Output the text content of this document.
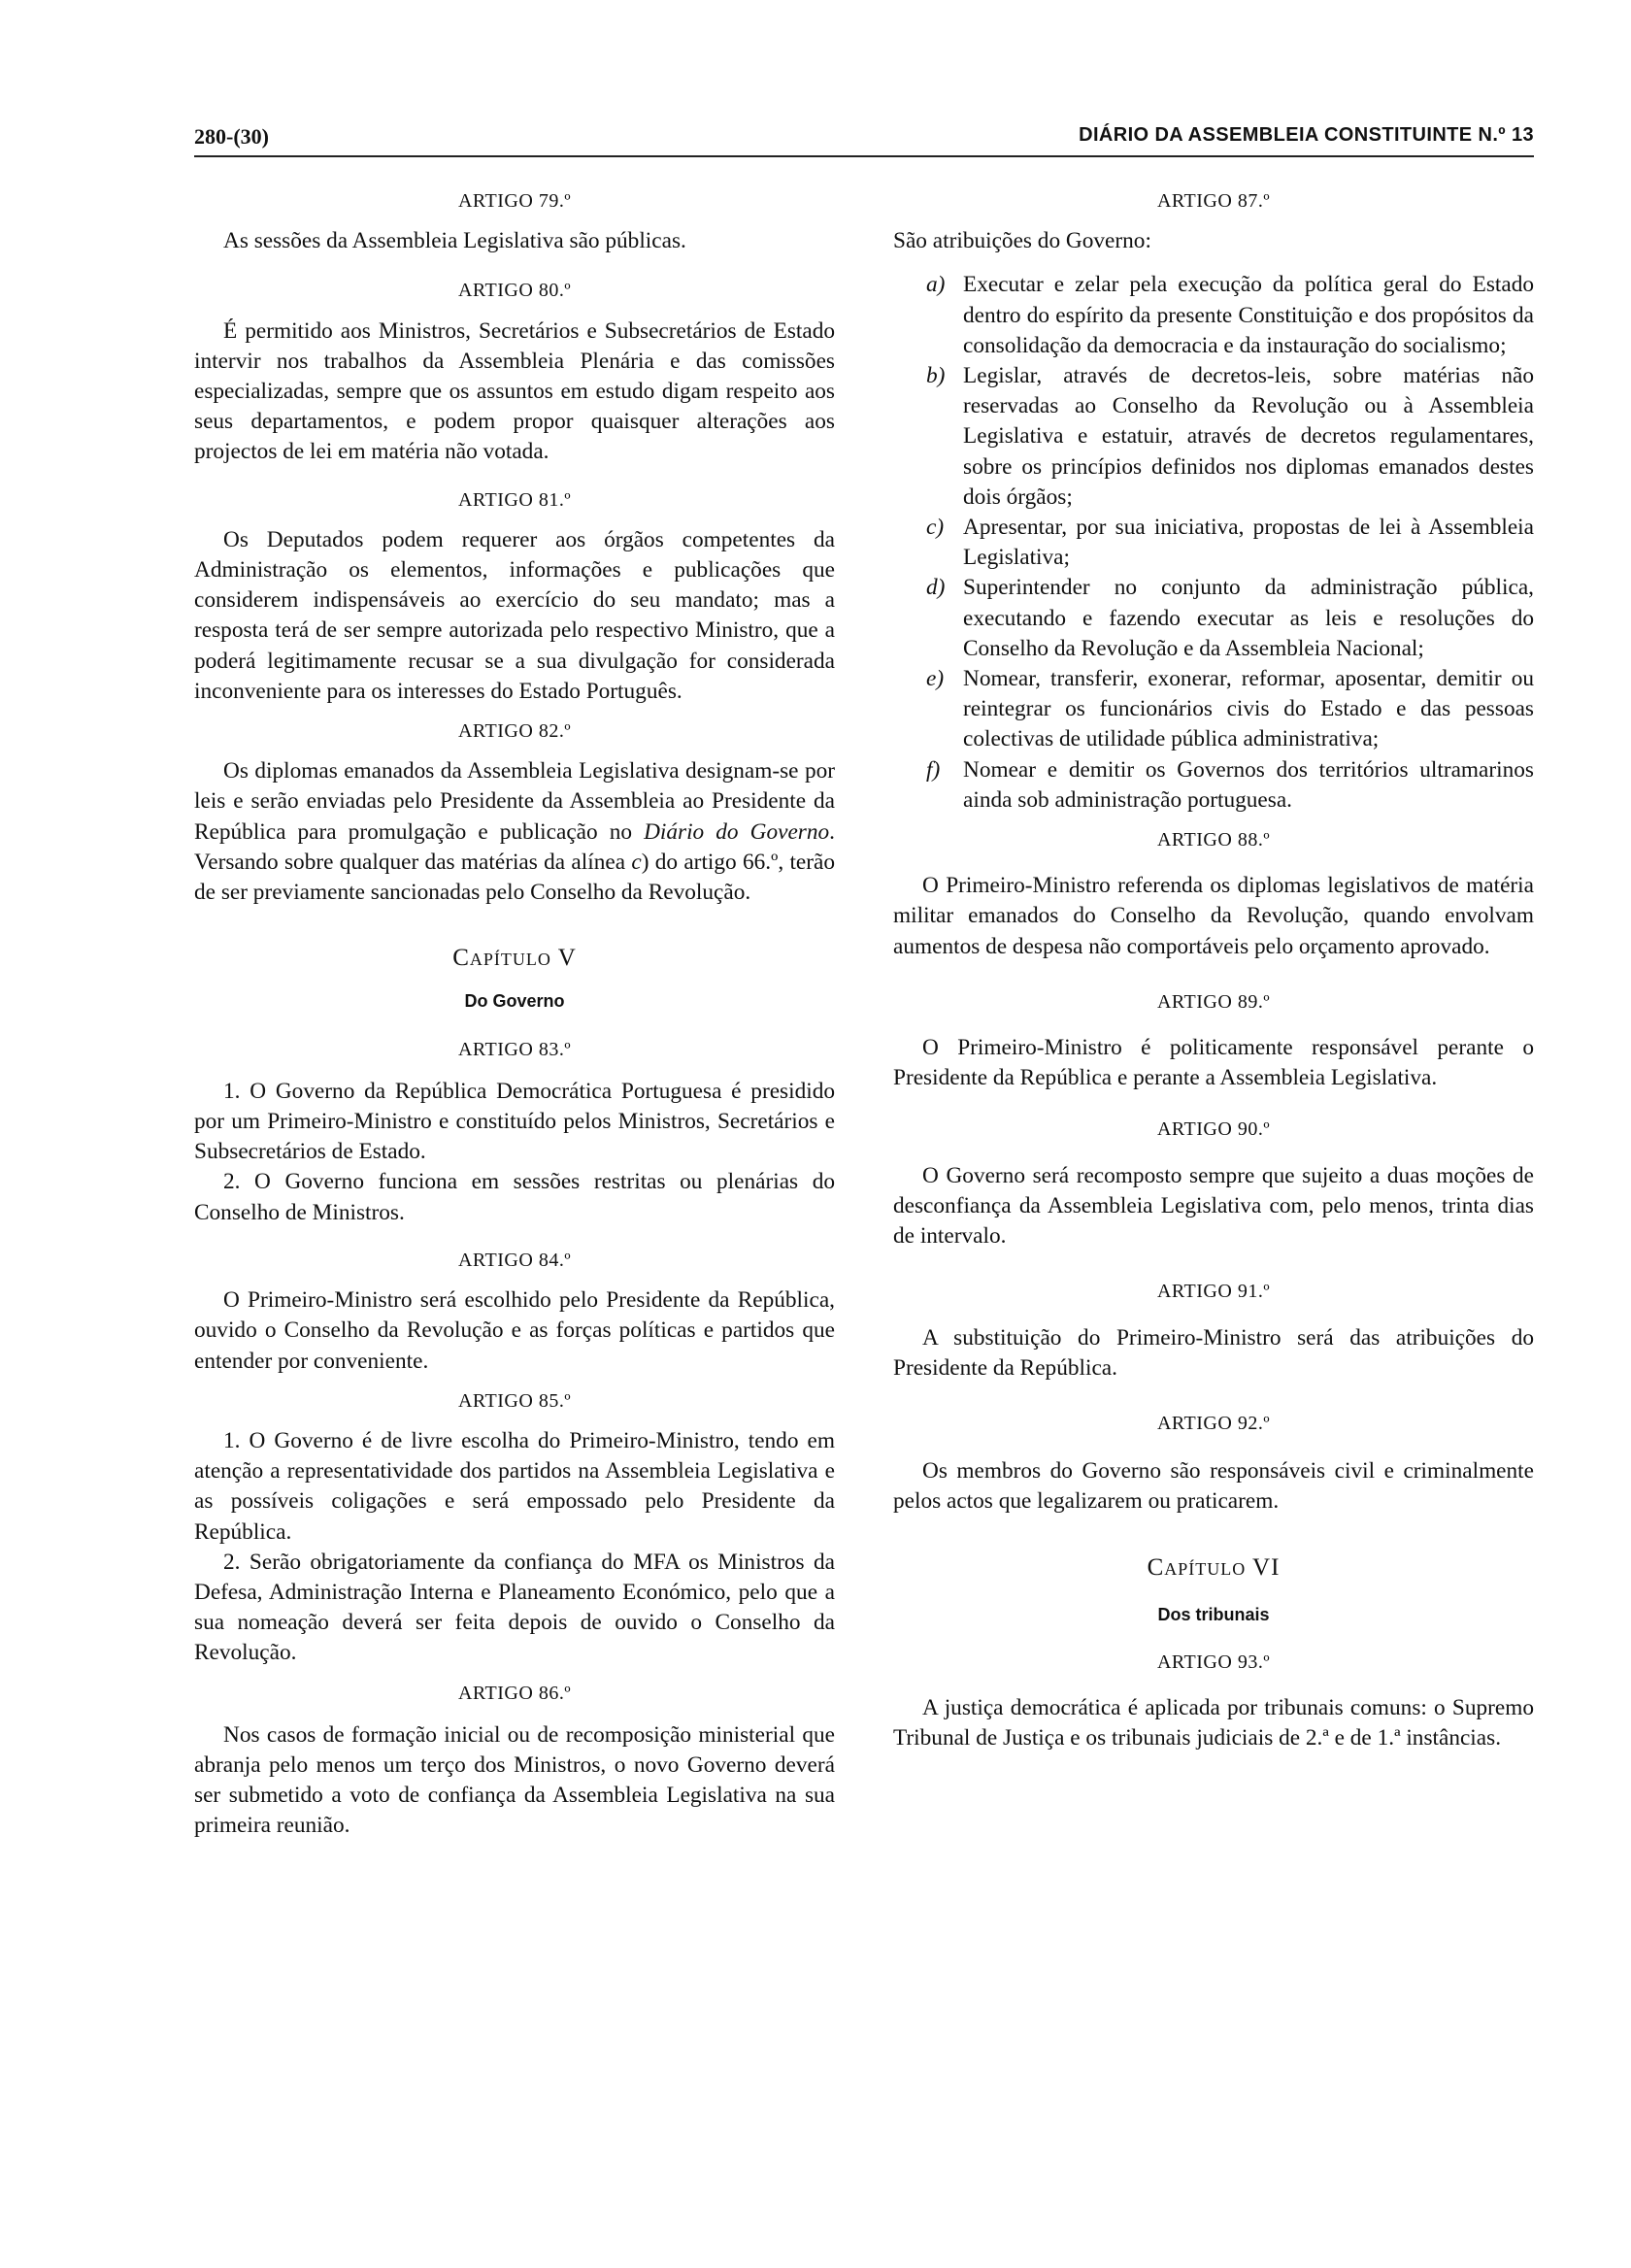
280-(30)	DIÁRIO DA ASSEMBLEIA CONSTITUINTE N.º 13

ARTIGO 79.º

As sessões da Assembleia Legislativa são públicas.

ARTIGO 80.º

É permitido aos Ministros, Secretários e Subsecretários de Estado intervir nos trabalhos da Assembleia Plenária e das comissões especializadas, sempre que os assuntos em estudo digam respeito aos seus departamentos, e podem propor quaisquer alterações aos projectos de lei em matéria não votada.

ARTIGO 81.º

Os Deputados podem requerer aos órgãos competentes da Administração os elementos, informações e publicações que considerem indispensáveis ao exercício do seu mandato; mas a resposta terá de ser sempre autorizada pelo respectivo Ministro, que a poderá legitimamente recusar se a sua divulgação for considerada inconveniente para os interesses do Estado Português.

ARTIGO 82.º

Os diplomas emanados da Assembleia Legislativa designam-se por leis e serão enviadas pelo Presidente da Assembleia ao Presidente da República para promulgação e publicação no Diário do Governo. Versando sobre qualquer das matérias da alínea c) do artigo 66.º, terão de ser previamente sancionadas pelo Conselho da Revolução.

Capítulo V

Do Governo

ARTIGO 83.º

1. O Governo da República Democrática Portuguesa é presidido por um Primeiro-Ministro e constituído pelos Ministros, Secretários e Subsecretários de Estado.

2. O Governo funciona em sessões restritas ou plenárias do Conselho de Ministros.

ARTIGO 84.º

O Primeiro-Ministro será escolhido pelo Presidente da República, ouvido o Conselho da Revolução e as forças políticas e partidos que entender por conveniente.

ARTIGO 85.º

1. O Governo é de livre escolha do Primeiro-Ministro, tendo em atenção a representatividade dos partidos na Assembleia Legislativa e as possíveis coligações e será empossado pelo Presidente da República.

2. Serão obrigatoriamente da confiança do MFA os Ministros da Defesa, Administração Interna e Planeamento Económico, pelo que a sua nomeação deverá ser feita depois de ouvido o Conselho da Revolução.

ARTIGO 86.º

Nos casos de formação inicial ou de recomposição ministerial que abranja pelo menos um terço dos Ministros, o novo Governo deverá ser submetido a voto de confiança da Assembleia Legislativa na sua primeira reunião.

ARTIGO 87.º

São atribuições do Governo:

a) Executar e zelar pela execução da política geral do Estado dentro do espírito da presente Constituição e dos propósitos da consolidação da democracia e da instauração do socialismo;
b) Legislar, através de decretos-leis, sobre matérias não reservadas ao Conselho da Revolução ou à Assembleia Legislativa e estatuir, através de decretos regulamentares, sobre os princípios definidos nos diplomas emanados destes dois órgãos;
c) Apresentar, por sua iniciativa, propostas de lei à Assembleia Legislativa;
d) Superintender no conjunto da administração pública, executando e fazendo executar as leis e resoluções do Conselho da Revolução e da Assembleia Nacional;
e) Nomear, transferir, exonerar, reformar, aposentar, demitir ou reintegrar os funcionários civis do Estado e das pessoas colectivas de utilidade pública administrativa;
f) Nomear e demitir os Governos dos territórios ultramarinos ainda sob administração portuguesa.

ARTIGO 88.º

O Primeiro-Ministro referenda os diplomas legislativos de matéria militar emanados do Conselho da Revolução, quando envolvam aumentos de despesa não comportáveis pelo orçamento aprovado.

ARTIGO 89.º

O Primeiro-Ministro é politicamente responsável perante o Presidente da República e perante a Assembleia Legislativa.

ARTIGO 90.º

O Governo será recomposto sempre que sujeito a duas moções de desconfiança da Assembleia Legislativa com, pelo menos, trinta dias de intervalo.

ARTIGO 91.º

A substituição do Primeiro-Ministro será das atribuições do Presidente da República.

ARTIGO 92.º

Os membros do Governo são responsáveis civil e criminalmente pelos actos que legalizarem ou praticarem.

Capítulo VI

Dos tribunais

ARTIGO 93.º

A justiça democrática é aplicada por tribunais comuns: o Supremo Tribunal de Justiça e os tribunais judiciais de 2.ª e de 1.ª instâncias.
